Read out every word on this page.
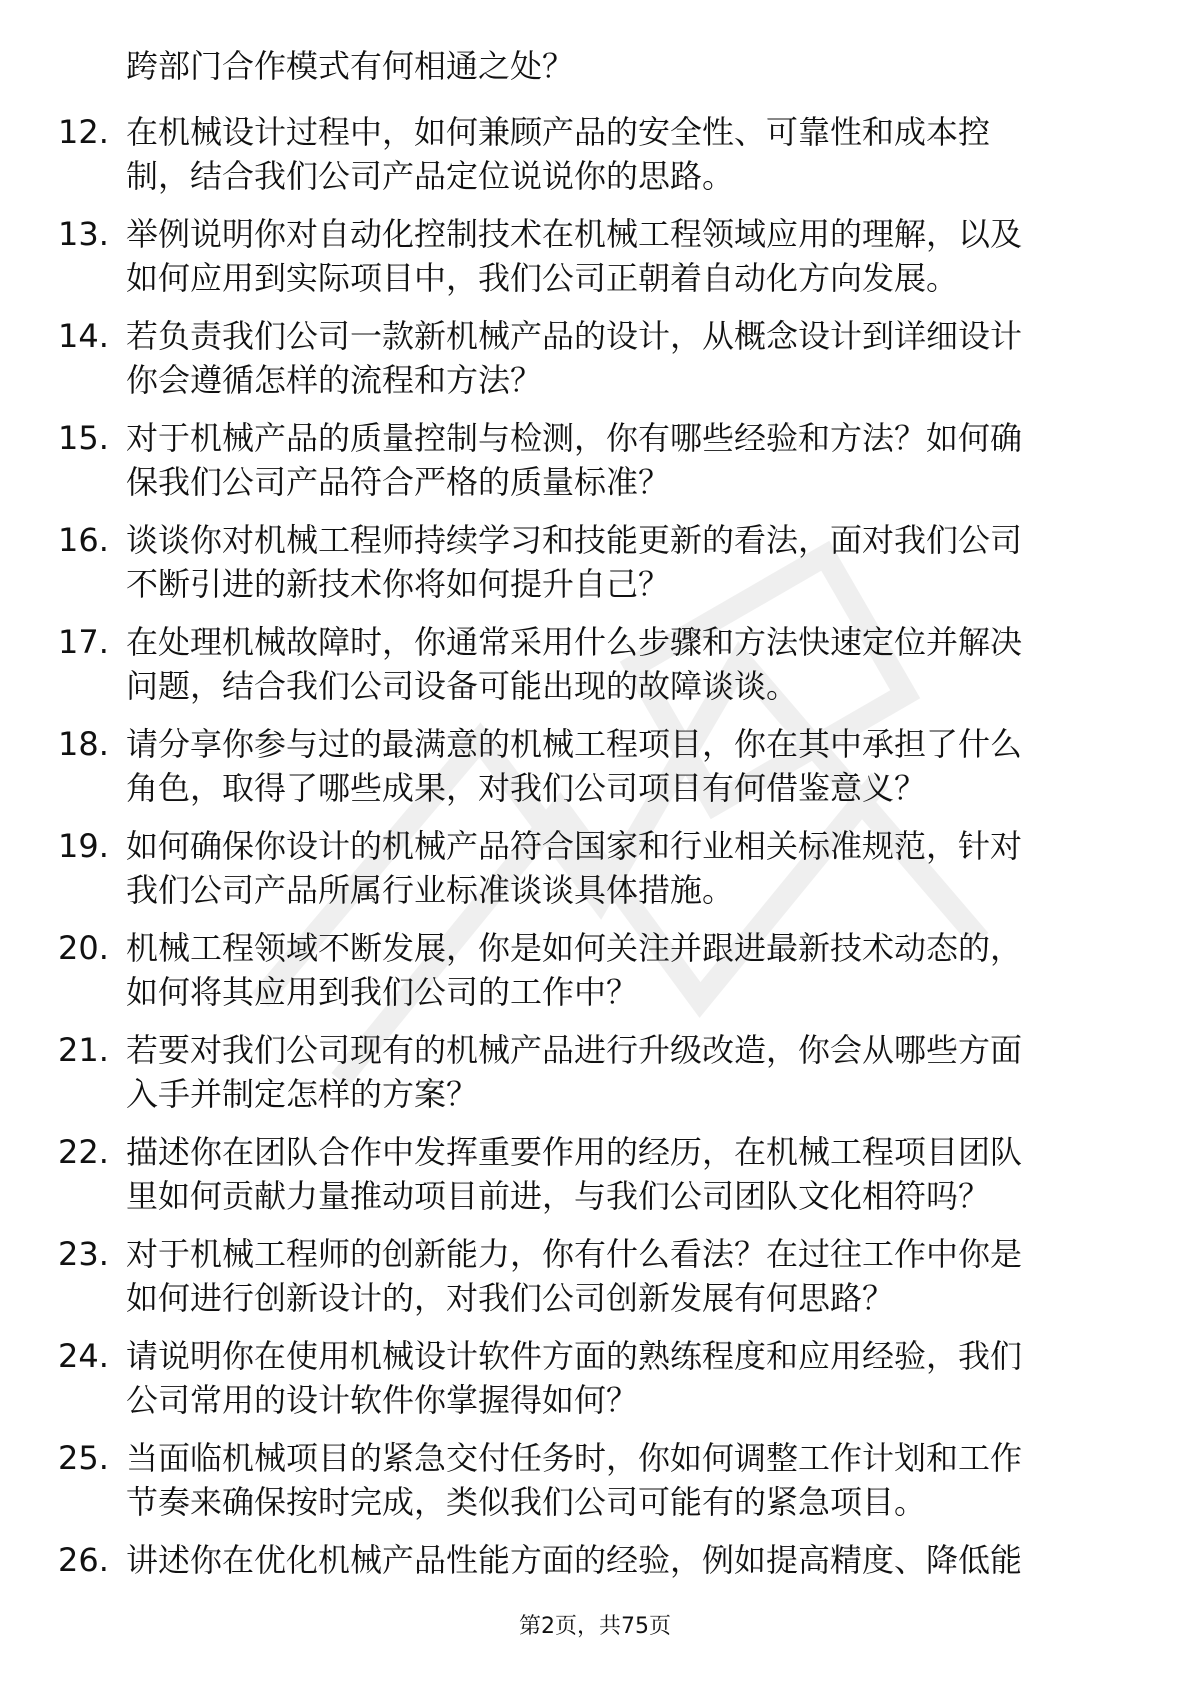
跨部门合作模式有何相通之处？
12. 在机械设计过程中，如何兼顾产品的安全性、可靠性和成本控
制，结合我们公司产品定位说说你的思路。
13. 举例说明你对自动化控制技术在机械工程领域应用的理解，以及
如何应用到实际项目中，我们公司正朝着自动化方向发展。
14. 若负责我们公司一款新机械产品的设计，从概念设计到详细设计
你会遵循怎样的流程和方法？
15. 对于机械产品的质量控制与检测，你有哪些经验和方法？如何确
保我们公司产品符合严格的质量标准？
16. 谈谈你对机械工程师持续学习和技能更新的看法，面对我们公司
不断引进的新技术你将如何提升自己？
17. 在处理机械故障时，你通常采用什么步骤和方法快速定位并解决
问题，结合我们公司设备可能出现的故障谈谈。
18. 请分享你参与过的最满意的机械工程项目，你在其中承担了什么
角色，取得了哪些成果，对我们公司项目有何借鉴意义？
19. 如何确保你设计的机械产品符合国家和行业相关标准规范，针对
我们公司产品所属行业标准谈谈具体措施。
20. 机械工程领域不断发展，你是如何关注并跟进最新技术动态的，
如何将其应用到我们公司的工作中？
21. 若要对我们公司现有的机械产品进行升级改造，你会从哪些方面
入手并制定怎样的方案？
22. 描述你在团队合作中发挥重要作用的经历，在机械工程项目团队
里如何贡献力量推动项目前进，与我们公司团队文化相符吗？
23. 对于机械工程师的创新能力，你有什么看法？在过往工作中你是
如何进行创新设计的，对我们公司创新发展有何思路？
24. 请说明你在使用机械设计软件方面的熟练程度和应用经验，我们
公司常用的设计软件你掌握得如何？
25. 当面临机械项目的紧急交付任务时，你如何调整工作计划和工作
节奏来确保按时完成，类似我们公司可能有的紧急项目。
26. 讲述你在优化机械产品性能方面的经验，例如提高精度、降低能
第2页，共75页
